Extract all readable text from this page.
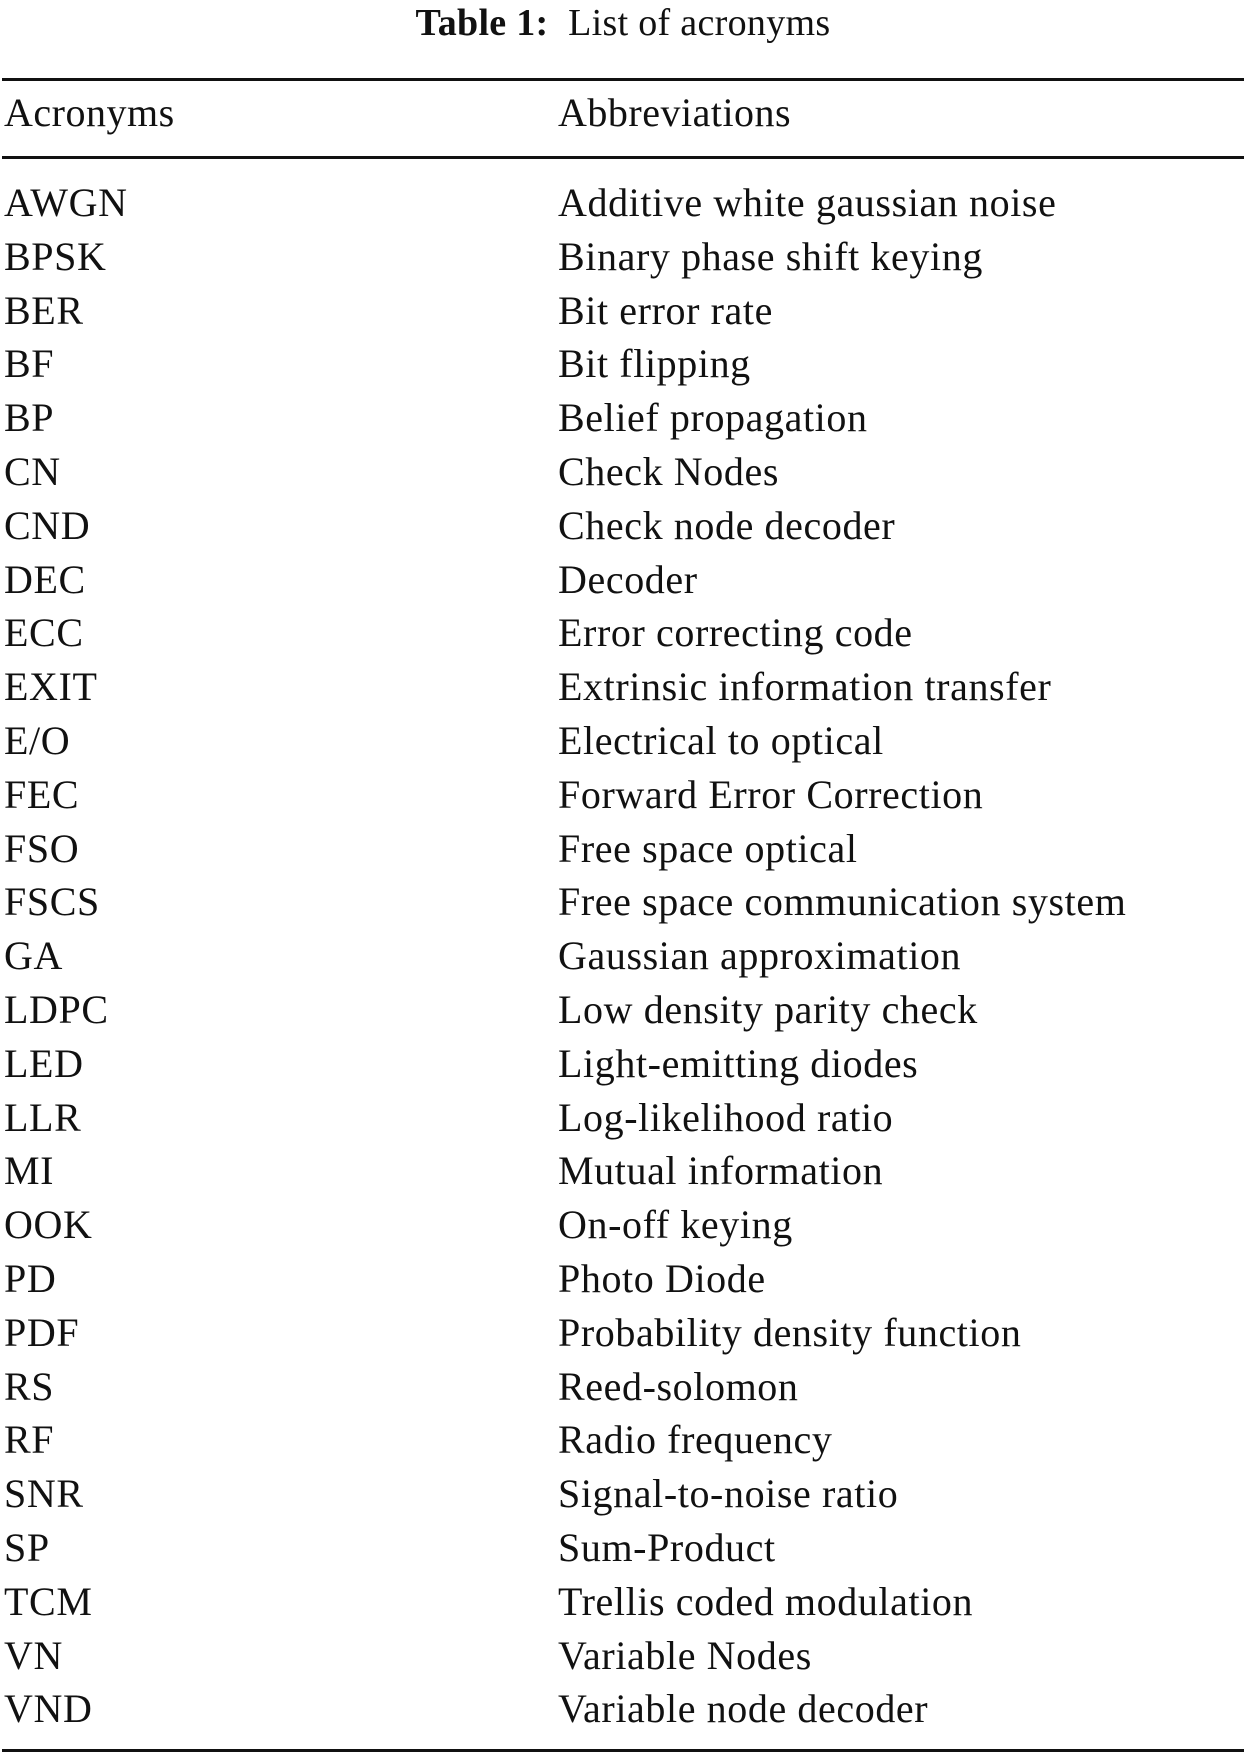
Table 1: List of acronyms
Acronyms	Abbreviations
AWGN	Additive white gaussian noise
BPSK	Binary phase shift keying
BER	Bit error rate
BF	Bit flipping
BP	Belief propagation
CN	Check Nodes
CND	Check node decoder
DEC	Decoder
ECC	Error correcting code
EXIT	Extrinsic information transfer
E/O	Electrical to optical
FEC	Forward Error Correction
FSO	Free space optical
FSCS	Free space communication system
GA	Gaussian approximation
LDPC	Low density parity check
LED	Light-emitting diodes
LLR	Log-likelihood ratio
MI	Mutual information
OOK	On-off keying
PD	Photo Diode
PDF	Probability density function
RS	Reed-solomon
RF	Radio frequency
SNR	Signal-to-noise ratio
SP	Sum-Product
TCM	Trellis coded modulation
VN	Variable Nodes
VND	Variable node decoder
